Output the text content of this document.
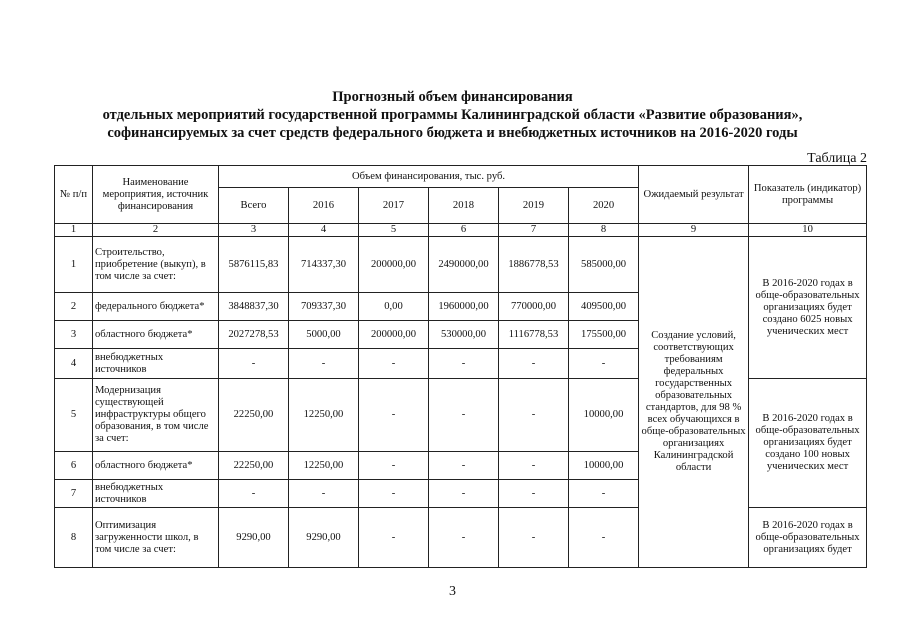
Прогнозный объем финансирования
отдельных мероприятий государственной программы Калининградской области «Развитие образования»,
софинансируемых за счет средств федерального бюджета и внебюджетных источников на 2016-2020 годы
Таблица 2
№ п/п	Наименование мероприятия, источник финансирования	Объем финансирования, тыс. руб.						Ожидаемый результат	Показатель (индикатор) программы
		Всего	2016	2017	2018	2019	2020		
1	2	3	4	5	6	7	8	9	10
1	Строительство, приобретение (выкуп), в том числе за счет:	5876115,83	714337,30	200000,00	2490000,00	1886778,53	585000,00	Создание условий, соответствующих требованиям федеральных государственных образовательных стандартов, для 98 % всех обучающихся в обще-образовательных организациях Калининградской области	В 2016-2020 годах в обще-образовательных организациях будет создано 6025 новых ученических мест
2	федерального бюджета*	3848837,30	709337,30	0,00	1960000,00	770000,00	409500,00		
3	областного бюджета*	2027278,53	5000,00	200000,00	530000,00	1116778,53	175500,00		
4	внебюджетных источников	-	-	-	-	-	-		
5	Модернизация существующей инфраструктуры общего образования, в том числе за счет:	22250,00	12250,00	-	-	-	10000,00		В 2016-2020 годах в обще-образовательных организациях будет создано 100 новых ученических мест
6	областного бюджета*	22250,00	12250,00	-	-	-	10000,00		
7	внебюджетных источников	-	-	-	-	-	-		
8	Оптимизация загруженности школ, в том числе за счет:	9290,00	9290,00	-	-	-	-		В 2016-2020 годах в обще-образовательных организациях будет
3
